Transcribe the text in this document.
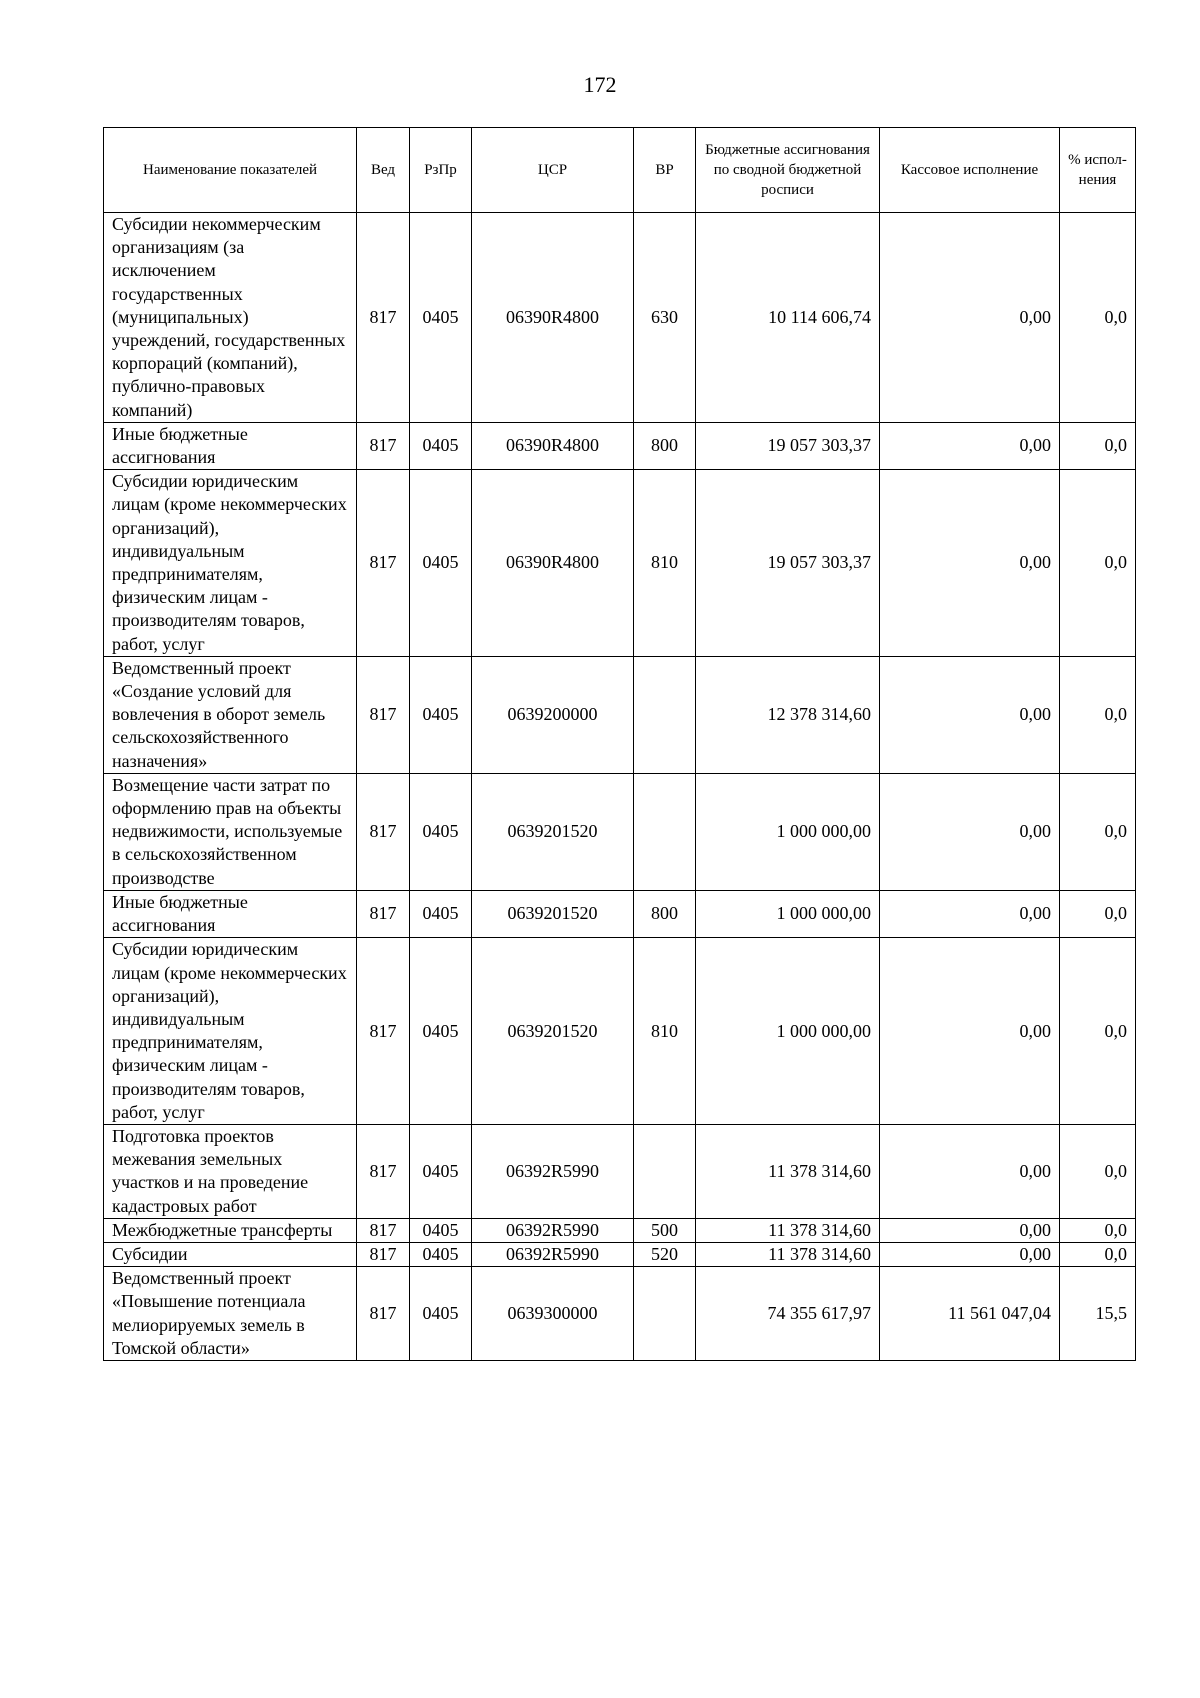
172
Наименование показателей	Вед	РзПр	ЦСР	ВР	Бюджетные ассигнования по сводной бюджетной росписи	Кассовое исполнение	% испол-нения
Субсидии некоммерческим организациям (за исключением государственных (муниципальных) учреждений, государственных корпораций (компаний), публично-правовых компаний)	817	0405	06390R4800	630	10 114 606,74	0,00	0,0
Иные бюджетные ассигнования	817	0405	06390R4800	800	19 057 303,37	0,00	0,0
Субсидии юридическим лицам (кроме некоммерческих организаций), индивидуальным предпринимателям, физическим лицам - производителям товаров, работ, услуг	817	0405	06390R4800	810	19 057 303,37	0,00	0,0
Ведомственный проект «Создание условий для вовлечения в оборот земель сельскохозяйственного назначения»	817	0405	0639200000		12 378 314,60	0,00	0,0
Возмещение части затрат по оформлению прав на объекты недвижимости, используемые в сельскохозяйственном производстве	817	0405	0639201520		1 000 000,00	0,00	0,0
Иные бюджетные ассигнования	817	0405	0639201520	800	1 000 000,00	0,00	0,0
Субсидии юридическим лицам (кроме некоммерческих организаций), индивидуальным предпринимателям, физическим лицам - производителям товаров, работ, услуг	817	0405	0639201520	810	1 000 000,00	0,00	0,0
Подготовка проектов межевания земельных участков и на проведение кадастровых работ	817	0405	06392R5990		11 378 314,60	0,00	0,0
Межбюджетные трансферты	817	0405	06392R5990	500	11 378 314,60	0,00	0,0
Субсидии	817	0405	06392R5990	520	11 378 314,60	0,00	0,0
Ведомственный проект «Повышение потенциала мелиорируемых земель в Томской области»	817	0405	0639300000		74 355 617,97	11 561 047,04	15,5
